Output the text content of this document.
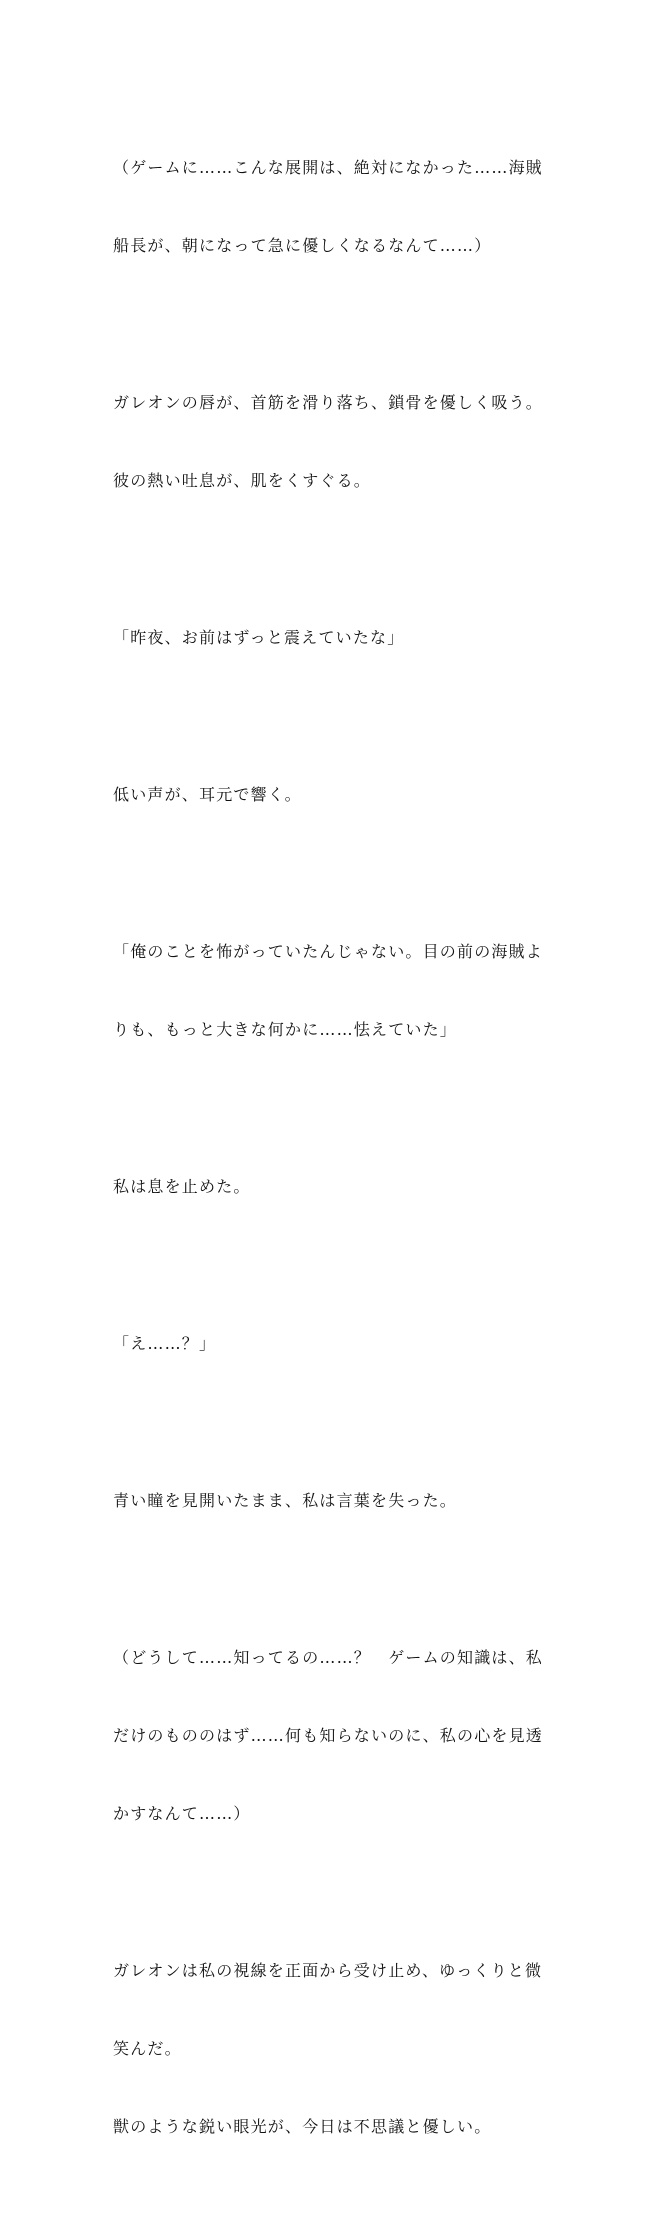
（ゲームに……こんな展開は、絶対になかった……海賊

船長が、朝になって急に優しくなるなんて……）

ガレオンの唇が、首筋を滑り落ち、鎖骨を優しく吸う。

彼の熱い吐息が、肌をくすぐる。

「昨夜、お前はずっと震えていたな」

低い声が、耳元で響く。

「俺のことを怖がっていたんじゃない。目の前の海賊よ

りも、もっと大きな何かに……怯えていた」

私は息を止めた。

「え……？」

青い瞳を見開いたまま、私は言葉を失った。

（どうして……知ってるの……？　ゲームの知識は、私

だけのもののはず……何も知らないのに、私の心を見透

かすなんて……）

ガレオンは私の視線を正面から受け止め、ゆっくりと微

笑んだ。

獣のような鋭い眼光が、今日は不思議と優しい。
